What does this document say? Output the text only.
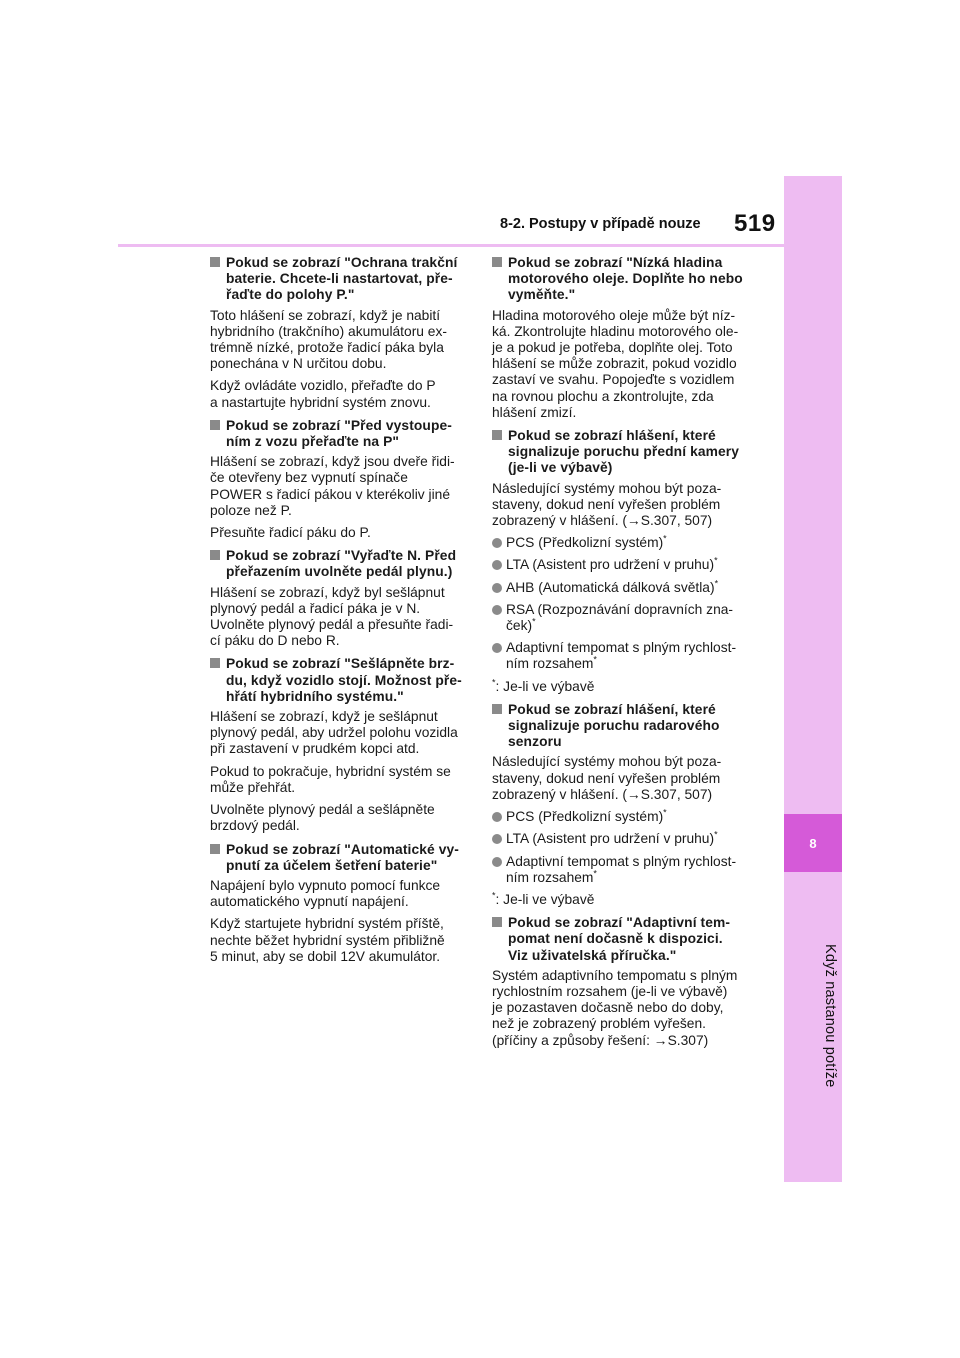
8
Když nastanou potíže
8-2. Postupy v případě nouze 519
Pokud se zobrazí "Ochrana trakční
baterie. Chcete-li nastartovat, pře-
řaďte do polohy P."
Toto hlášení se zobrazí, když je nabití
hybridního (trakčního) akumulátoru ex-
trémně nízké, protože řadicí páka byla
ponechána v N určitou dobu.
Když ovládáte vozidlo, přeřaďte do P
a nastartujte hybridní systém znovu.
Pokud se zobrazí "Před vystoupe-
ním z vozu přeřaďte na P"
Hlášení se zobrazí, když jsou dveře řidi-
če otevřeny bez vypnutí spínače
POWER s řadicí pákou v kterékoliv jiné
poloze než P.
Přesuňte řadicí páku do P.
Pokud se zobrazí "Vyřaďte N. Před
přeřazením uvolněte pedál plynu.)
Hlášení se zobrazí, když byl sešlápnut
plynový pedál a řadicí páka je v N.
Uvolněte plynový pedál a přesuňte řadi-
cí páku do D nebo R.
Pokud se zobrazí "Sešlápněte brz-
du, když vozidlo stojí. Možnost pře-
hřátí hybridního systému."
Hlášení se zobrazí, když je sešlápnut
plynový pedál, aby udržel polohu vozidla
při zastavení v prudkém kopci atd.
Pokud to pokračuje, hybridní systém se
může přehřát.
Uvolněte plynový pedál a sešlápněte
brzdový pedál.
Pokud se zobrazí "Automatické vy-
pnutí za účelem šetření baterie"
Napájení bylo vypnuto pomocí funkce
automatického vypnutí napájení.
Když startujete hybridní systém příště,
nechte běžet hybridní systém přibližně
5 minut, aby se dobil 12V akumulátor.
Pokud se zobrazí "Nízká hladina
motorového oleje. Doplňte ho nebo
vyměňte."
Hladina motorového oleje může být níz-
ká. Zkontrolujte hladinu motorového ole-
je a pokud je potřeba, doplňte olej. Toto
hlášení se může zobrazit, pokud vozidlo
zastaví ve svahu. Popojeďte s vozidlem
na rovnou plochu a zkontrolujte, zda
hlášení zmizí.
Pokud se zobrazí hlášení, které
signalizuje poruchu přední kamery
(je-li ve výbavě)
Následující systémy mohou být poza-
staveny, dokud není vyřešen problém
zobrazený v hlášení. (→S.307, 507)
PCS (Předkolizní systém)*
LTA (Asistent pro udržení v pruhu)*
AHB (Automatická dálková světla)*
RSA (Rozpoznávání dopravních zna-
ček)*
Adaptivní tempomat s plným rychlost-
ním rozsahem*
*: Je-li ve výbavě
Pokud se zobrazí hlášení, které
signalizuje poruchu radarového
senzoru
Následující systémy mohou být poza-
staveny, dokud není vyřešen problém
zobrazený v hlášení. (→S.307, 507)
PCS (Předkolizní systém)*
LTA (Asistent pro udržení v pruhu)*
Adaptivní tempomat s plným rychlost-
ním rozsahem*
*: Je-li ve výbavě
Pokud se zobrazí "Adaptivní tem-
pomat není dočasně k dispozici.
Viz uživatelská příručka."
Systém adaptivního tempomatu s plným
rychlostním rozsahem (je-li ve výbavě)
je pozastaven dočasně nebo do doby,
než je zobrazený problém vyřešen.
(příčiny a způsoby řešení: →S.307)
